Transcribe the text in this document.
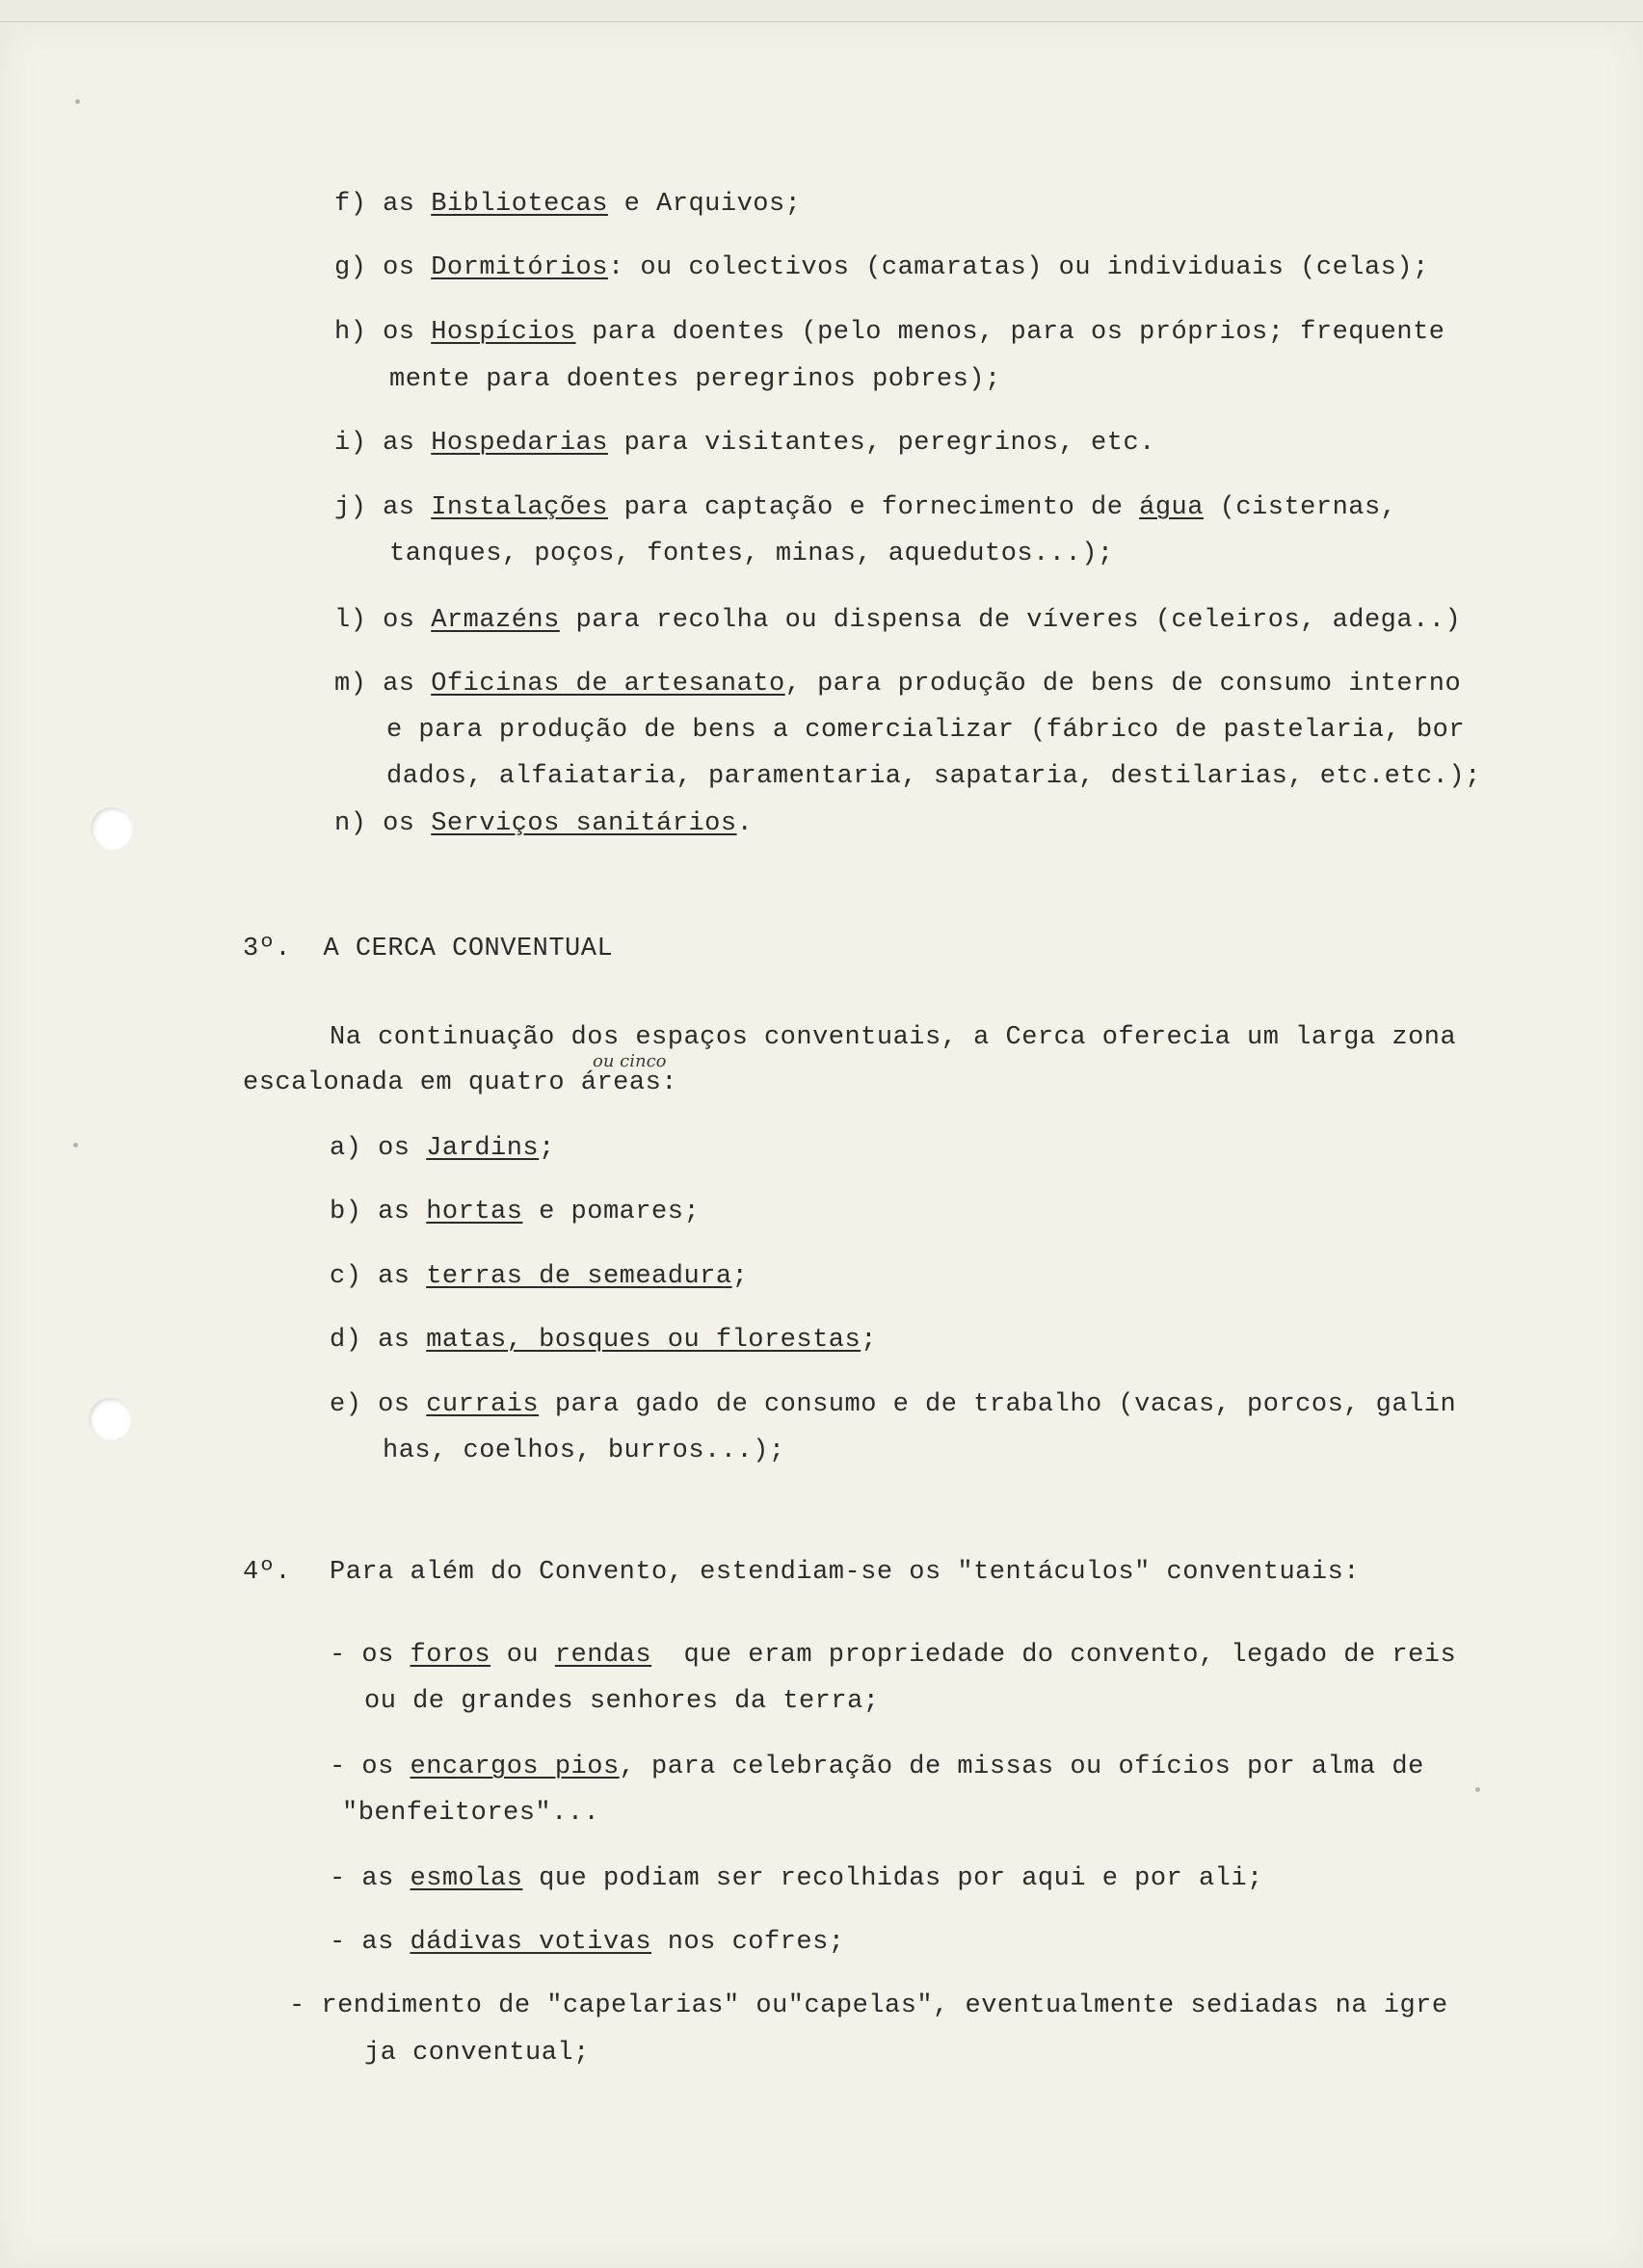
f) as Bibliotecas e Arquivos;
g) os Dormitórios: ou colectivos (camaratas) ou individuais (celas);
h) os Hospícios para doentes (pelo menos, para os próprios; frequente
mente para doentes peregrinos pobres);
i) as Hospedarias para visitantes, peregrinos, etc.
j) as Instalações para captação e fornecimento de água (cisternas,
tanques, poços, fontes, minas, aquedutos...);
l) os Armazéns para recolha ou dispensa de víveres (celeiros, adega..)
m) as Oficinas de artesanato, para produção de bens de consumo interno
e para produção de bens a comercializar (fábrico de pastelaria, bor
dados, alfaiataria, paramentaria, sapataria, destilarias, etc.etc.);
n) os Serviços sanitários.
3º.  A CERCA CONVENTUAL
Na continuação dos espaços conventuais, a Cerca oferecia um larga zona
escalonada em quatro áreas:
ou cinco
a) os Jardins;
b) as hortas e pomares;
c) as terras de semeadura;
d) as matas, bosques ou florestas;
e) os currais para gado de consumo e de trabalho (vacas, porcos, galin
has, coelhos, burros...);
4º. Para além do Convento, estendiam-se os "tentáculos" conventuais:
- os foros ou rendas  que eram propriedade do convento, legado de reis
ou de grandes senhores da terra;
- os encargos pios, para celebração de missas ou ofícios por alma de
"benfeitores"...
- as esmolas que podiam ser recolhidas por aqui e por ali;
- as dádivas votivas nos cofres;
- rendimento de "capelarias" ou"capelas", eventualmente sediadas na igre
ja conventual;
